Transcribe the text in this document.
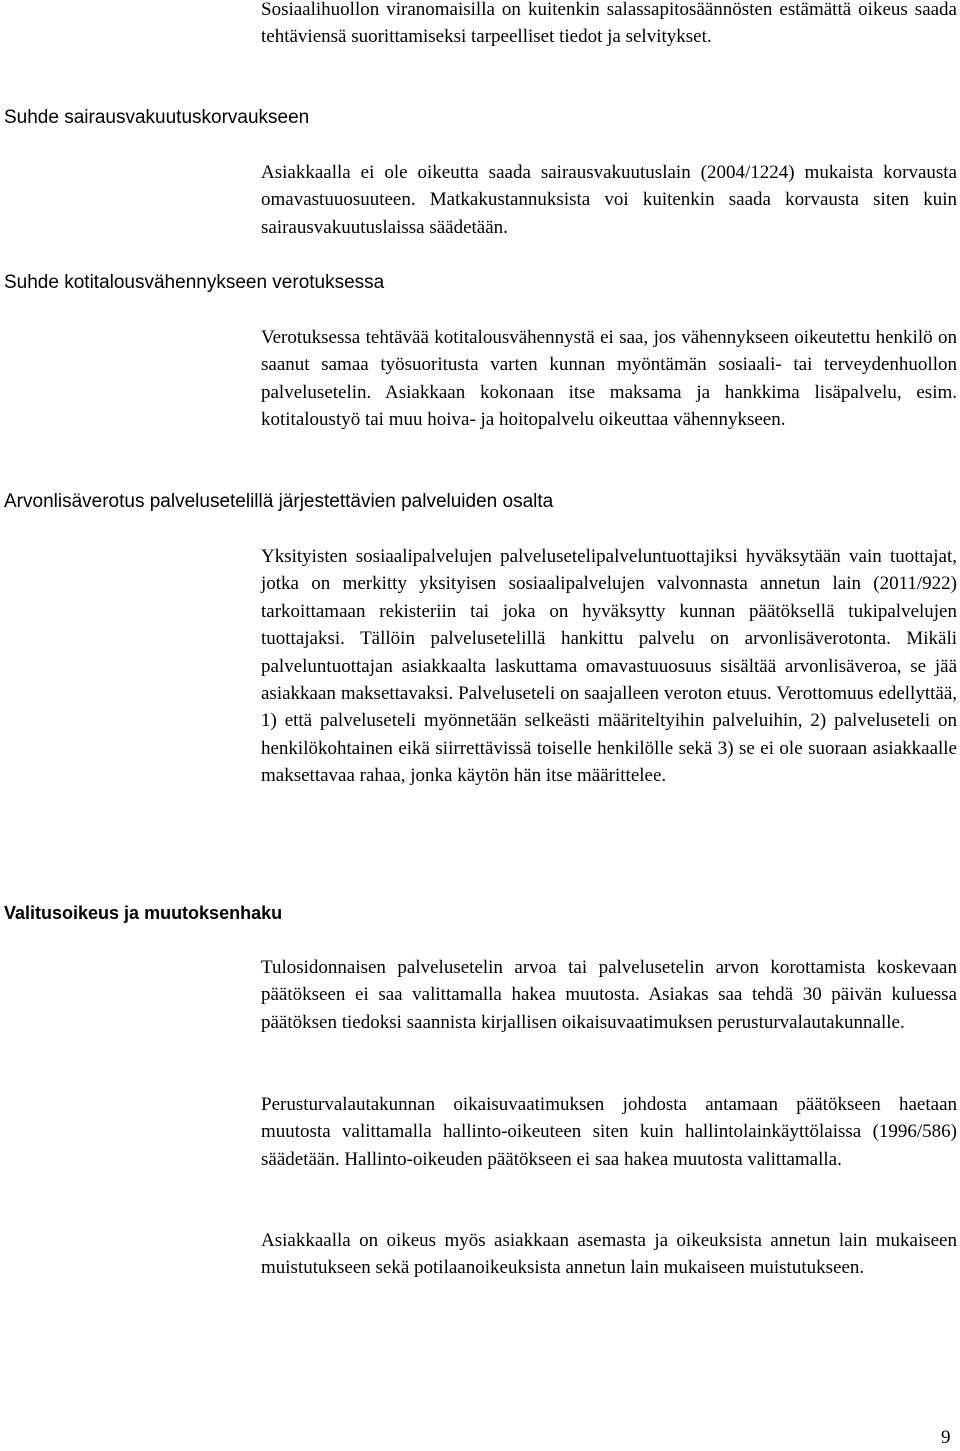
Sosiaalihuollon viranomaisilla on kuitenkin salassapitosäännösten estämättä oikeus saada tehtäviensä suorittamiseksi tarpeelliset tiedot ja selvitykset.

Suhde sairausvakuutuskorvaukseen

Asiakkaalla ei ole oikeutta saada sairausvakuutuslain (2004/1224) mukaista korvausta omavastuuosuuteen. Matkakustannuksista voi kuitenkin saada korvausta siten kuin sairausvakuutuslaissa säädetään.

Suhde kotitalousvähennykseen verotuksessa

Verotuksessa tehtävää kotitalousvähennystä ei saa, jos vähennykseen oikeutettu henkilö on saanut samaa työsuoritusta varten kunnan myöntämän sosiaali- tai terveydenhuollon palvelusetelin. Asiakkaan kokonaan itse maksama ja hankkima lisäpalvelu, esim. kotitaloustyö tai muu hoiva- ja hoitopalvelu oikeuttaa vähennykseen.

Arvonlisäverotus palvelusetelillä järjestettävien palveluiden osalta

Yksityisten sosiaalipalvelujen palvelusetelipalveluntuottajiksi hyväksytään vain tuottajat, jotka on merkitty yksityisen sosiaalipalvelujen valvonnasta annetun lain (2011/922) tarkoittamaan rekisteriin tai joka on hyväksytty kunnan päätöksellä tukipalvelujen tuottajaksi. Tällöin palvelusetelillä hankittu palvelu on arvonlisäverotonta. Mikäli palveluntuottajan asiakkaalta laskuttama omavastuuosuus sisältää arvonlisäveroa, se jää asiakkaan maksettavaksi. Palveluseteli on saajalleen veroton etuus. Verottomuus edellyttää, 1) että palveluseteli myönnetään selkeästi määriteltyihin palveluihin, 2) palveluseteli on henkilökohtainen eikä siirrettävissä toiselle henkilölle sekä 3) se ei ole suoraan asiakkaalle maksettavaa rahaa, jonka käytön hän itse määrittelee.

Valitusoikeus ja muutoksenhaku

Tulosidonnaisen palvelusetelin arvoa tai palvelusetelin arvon korottamista koskevaan päätökseen ei saa valittamalla hakea muutosta. Asiakas saa tehdä 30 päivän kuluessa päätöksen tiedoksi saannista kirjallisen oikaisuvaatimuksen perusturvalautakunnalle.

Perusturvalautakunnan oikaisuvaatimuksen johdosta antamaan päätökseen haetaan muutosta valittamalla hallinto-oikeuteen siten kuin hallintolainkäyttölaissa (1996/586) säädetään. Hallinto-oikeuden päätökseen ei saa hakea muutosta valittamalla.

Asiakkaalla on oikeus myös asiakkaan asemasta ja oikeuksista annetun lain mukaiseen muistutukseen sekä potilaanoikeuksista annetun lain mukaiseen muistutukseen.

9
